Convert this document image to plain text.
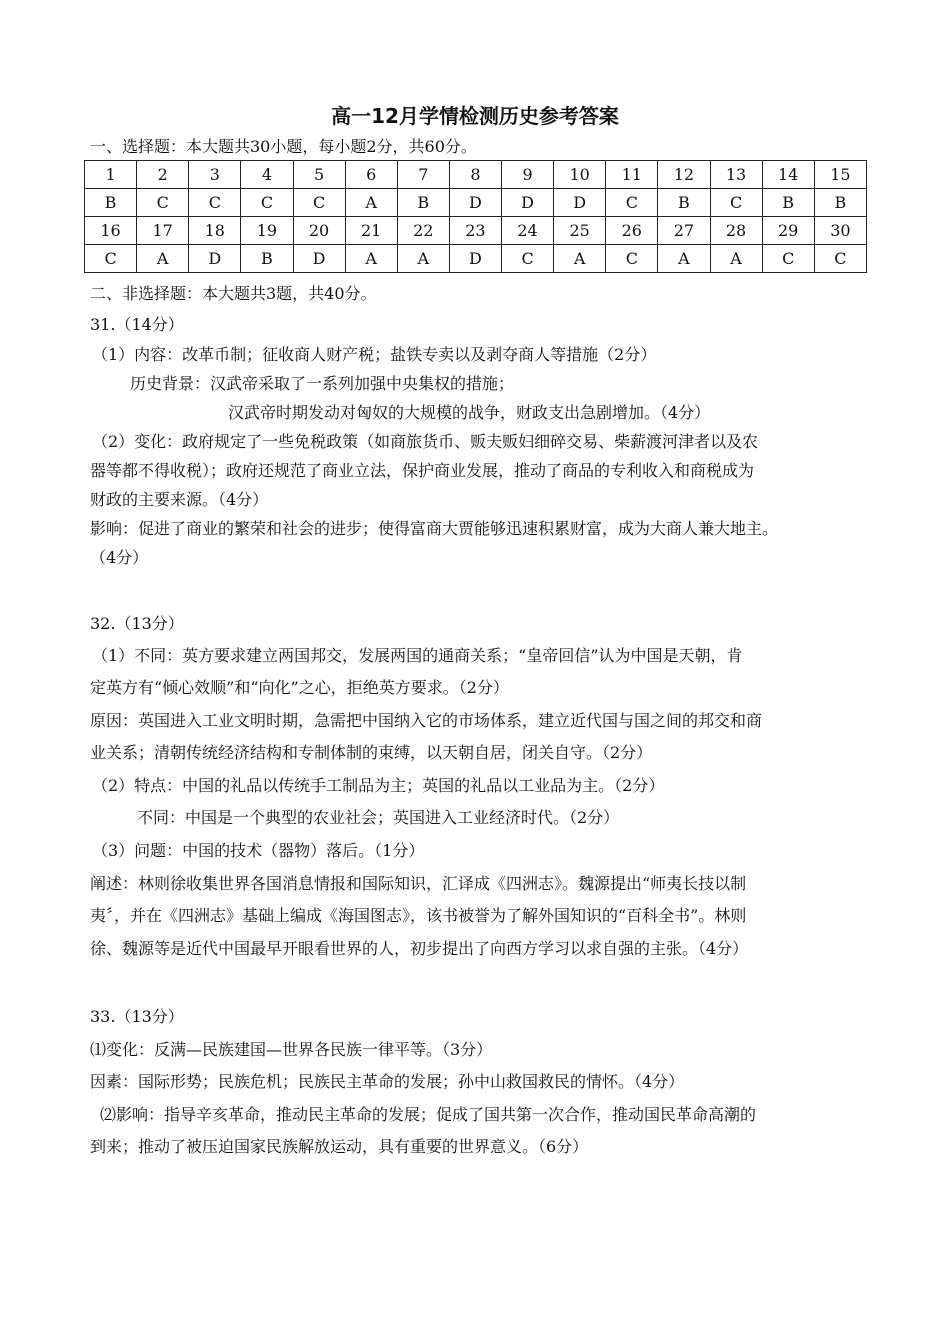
高一12月学情检测历史参考答案
一、选择题：本大题共30小题，每小题2分，共60分。
1	2	3	4	5	6	7	8	9	10	11	12	13	14	15
B	C	C	C	C	A	B	D	D	D	C	B	C	B	B
16	17	18	19	20	21	22	23	24	25	26	27	28	29	30
C	A	D	B	D	A	A	D	C	A	C	A	A	C	C
二、非选择题：本大题共3题，共40分。
31.（14分）
（1）内容：改革币制；征收商人财产税；盐铁专卖以及剥夺商人等措施（2分）
历史背景：汉武帝采取了一系列加强中央集权的措施；
汉武帝时期发动对匈奴的大规模的战争，财政支出急剧增加。（4分）
（2）变化：政府规定了一些免税政策（如商旅货币、贩夫贩妇细碎交易、柴薪渡河津者以及农
器等都不得收税）；政府还规范了商业立法，保护商业发展，推动了商品的专利收入和商税成为
财政的主要来源。（4分）
影响：促进了商业的繁荣和社会的进步；使得富商大贾能够迅速积累财富，成为大商人兼大地主。
（4分）
32.（13分）
（1）不同：英方要求建立两国邦交，发展两国的通商关系；“皇帝回信”认为中国是天朝，肯
定英方有“倾心效顺”和“向化”之心，拒绝英方要求。（2分）
原因：英国进入工业文明时期，急需把中国纳入它的市场体系，建立近代国与国之间的邦交和商
业关系；清朝传统经济结构和专制体制的束缚，以天朝自居，闭关自守。（2分）
（2）特点：中国的礼品以传统手工制品为主；英国的礼品以工业品为主。（2分）
不同：中国是一个典型的农业社会；英国进入工业经济时代。（2分）
（3）问题：中国的技术（器物）落后。（1分）
阐述：林则徐收集世界各国消息情报和国际知识，汇译成《四洲志》。魏源提出“师夷长技以制
夷〞，并在《四洲志》基础上编成《海国图志》，该书被誉为了解外国知识的“百科全书”。林则
徐、魏源等是近代中国最早开眼看世界的人，初步提出了向西方学习以求自强的主张。（4分）
33.（13分）
⑴变化：反满—民族建国—世界各民族一律平等。（3分）
因素：国际形势；民族危机；民族民主革命的发展；孙中山救国救民的情怀。（4分）
⑵影响：指导辛亥革命，推动民主革命的发展；促成了国共第一次合作，推动国民革命高潮的
到来；推动了被压迫国家民族解放运动，具有重要的世界意义。（6分）
